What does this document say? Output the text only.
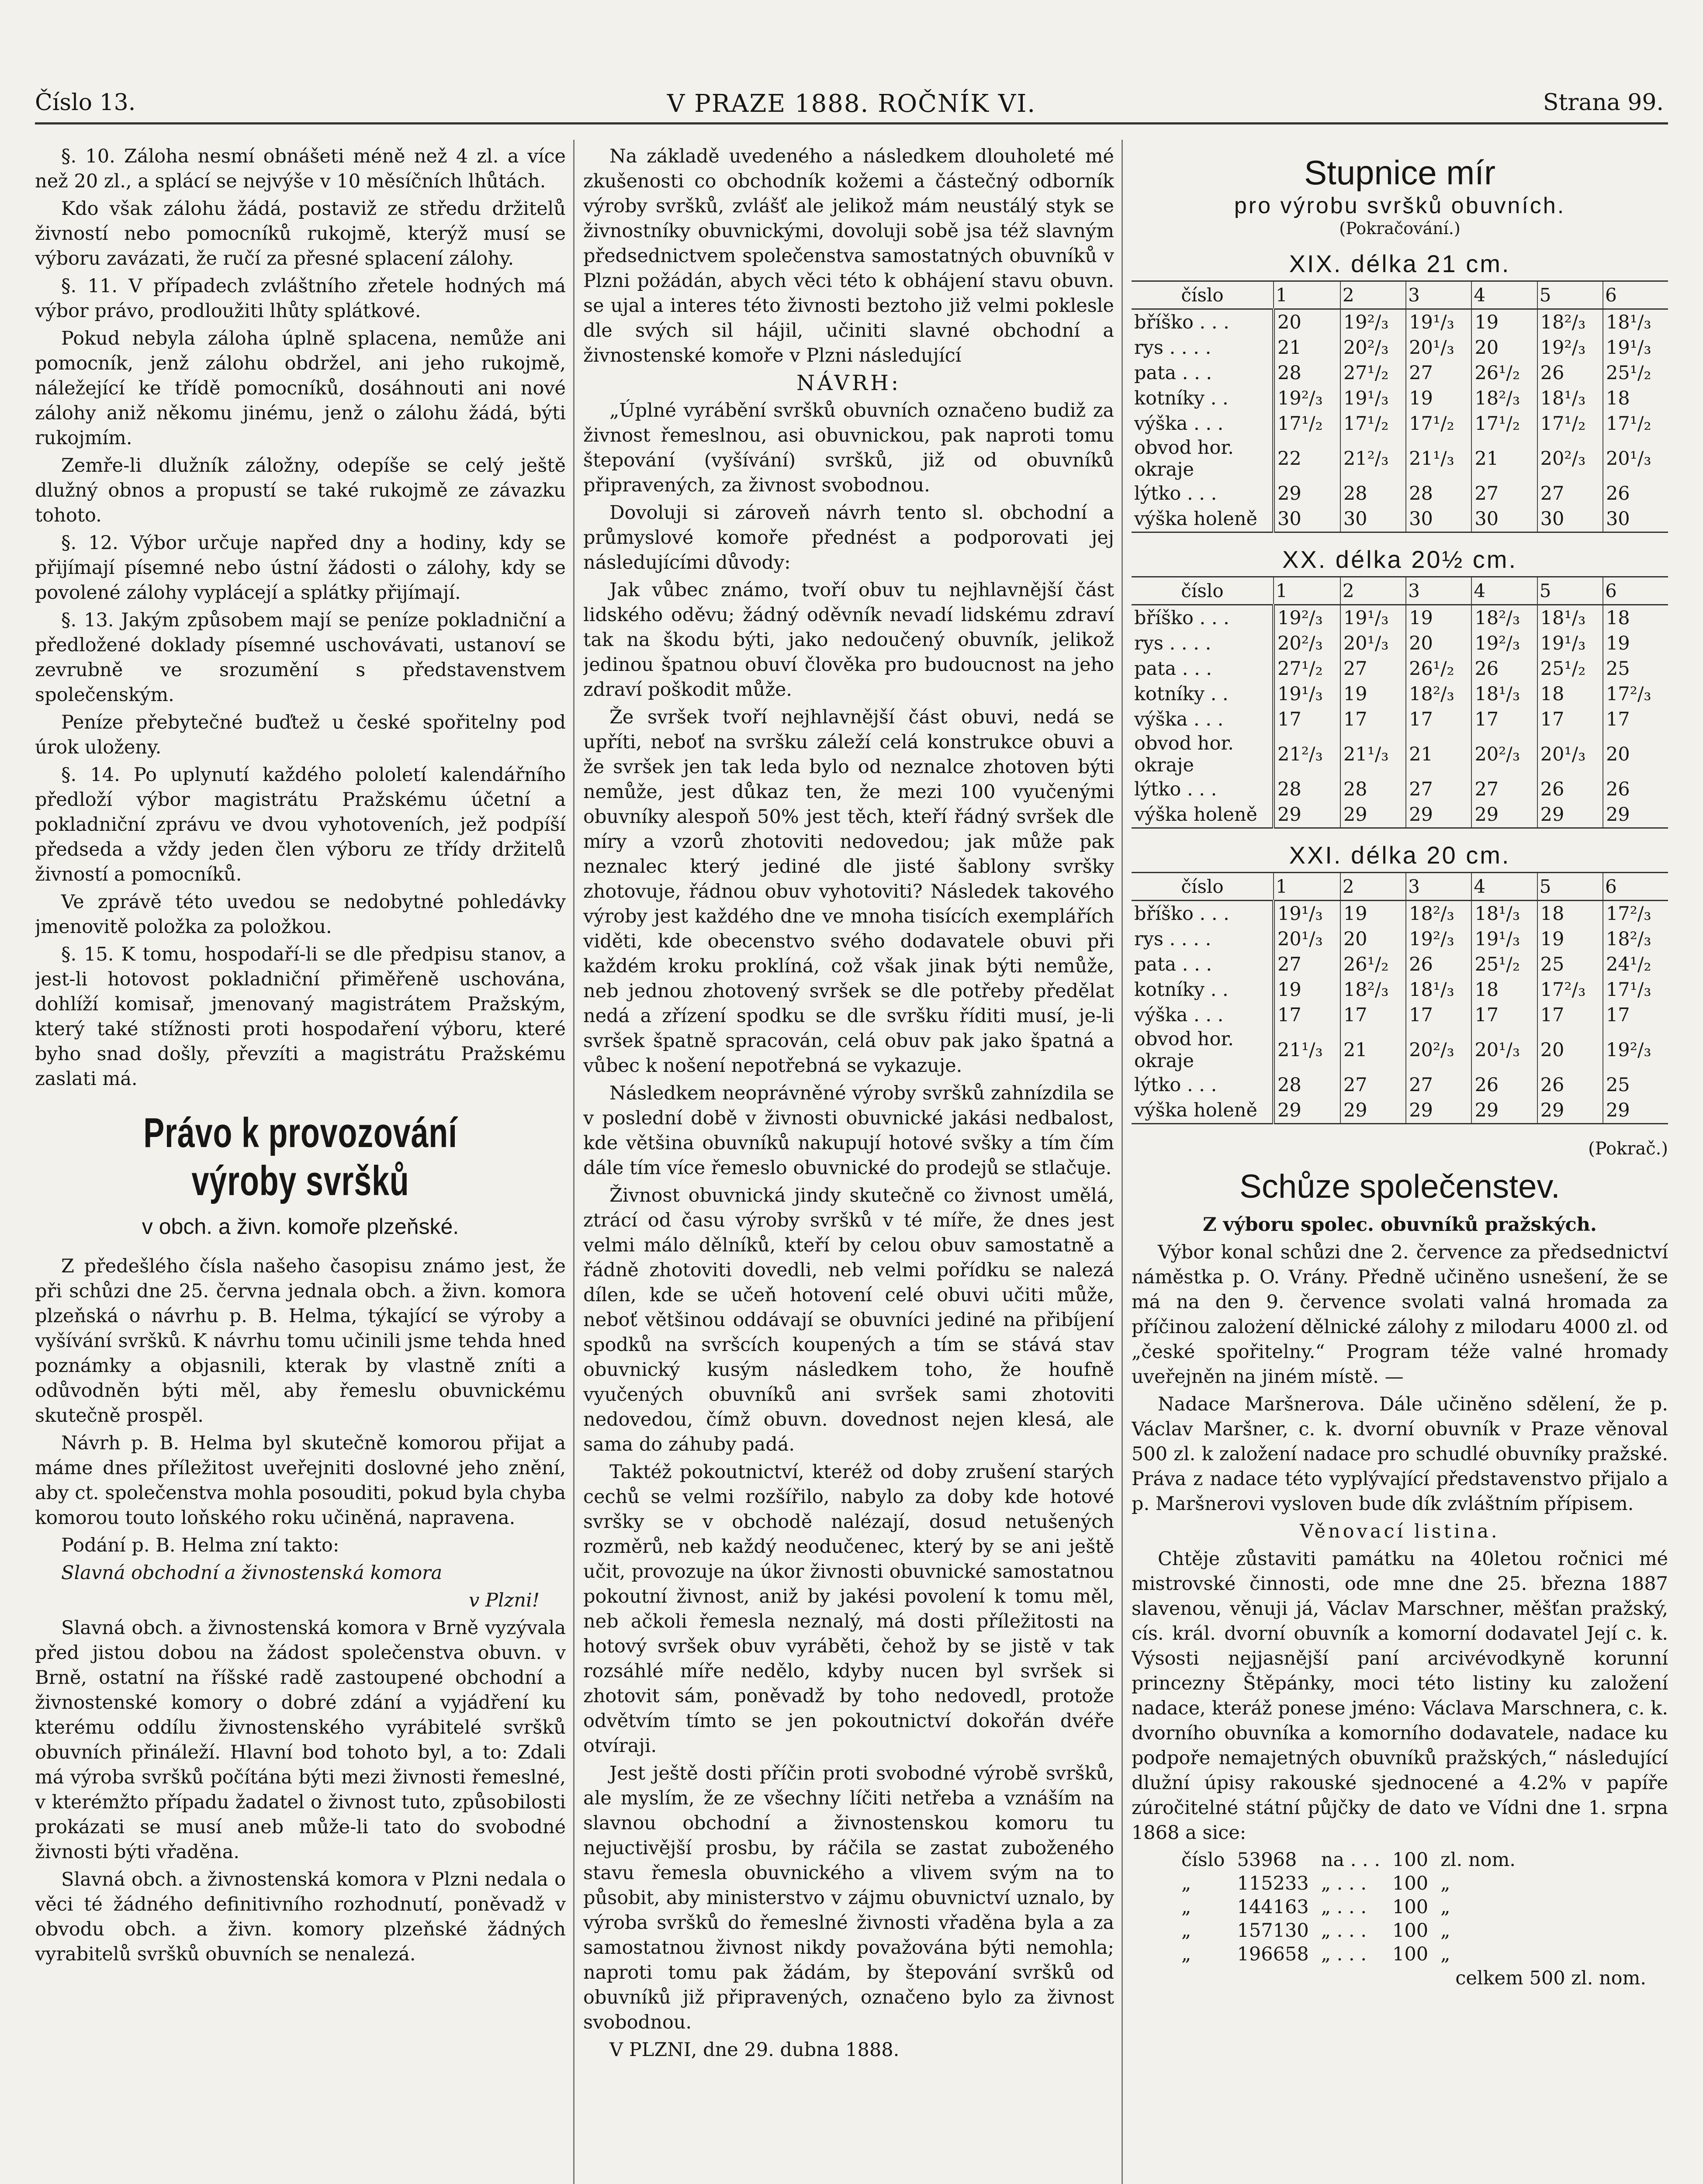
Číslo 13.	V PRAZE 1888. ROČNÍK VI.	Strana 99.

§. 10. Záloha nesmí obnášeti méně než 4 zl. a více než 20 zl., a splácí se nejvýše v 10 měsíčních lhůtách.

Kdo však zálohu žádá, postaviž ze středu držitelů živností nebo pomocníků rukojmě, kterýž musí se výboru zavázati, že ručí za přesné splacení zálohy.

§. 11. V případech zvláštního zřetele hodných má výbor právo, prodloužiti lhůty splátkové.

Pokud nebyla záloha úplně splacena, nemůže ani pomocník, jenž zálohu obdržel, ani jeho rukojmě, náležející ke třídě pomocníků, dosáhnouti ani nové zálohy aniž někomu jinému, jenž o zálohu žádá, býti rukojmím.

Zemře-li dlužník záložny, odepíše se celý ještě dlužný obnos a propustí se také rukojmě ze závazku tohoto.

§. 12. Výbor určuje napřed dny a hodiny, kdy se přijímají písemné nebo ústní žádosti o zálohy, kdy se povolené zálohy vyplácejí a splátky přijímají.

§. 13. Jakým způsobem mají se peníze pokladniční a předložené doklady písemné uschovávati, ustanoví se zevrubně ve srozumění s představenstvem společenským.

Peníze přebytečné buďtež u české spořitelny pod úrok uloženy.

§. 14. Po uplynutí každého pololetí kalendářního předloží výbor magistrátu Pražskému účetní a pokladniční zprávu ve dvou vyhotoveních, jež podpíší předseda a vždy jeden člen výboru ze třídy držitelů živností a pomocníků.

Ve zprávě této uvedou se nedobytné pohledávky jmenovitě položka za položkou.

§. 15. K tomu, hospodaří-li se dle předpisu stanov, a jest-li hotovost pokladniční přiměřeně uschována, dohlíží komisař, jmenovaný magistrátem Pražským, který také stížnosti proti hospodaření výboru, které byho snad došly, převzíti a magistrátu Pražskému zaslati má.

Právo k provozování výroby svršků
v obch. a živn. komoře plzeňské.

Z předešlého čísla našeho časopisu známo jest, že při schůzi dne 25. června jednala obch. a živn. komora plzeňská o návrhu p. B. Helma, týkající se výroby a vyšívání svršků. K návrhu tomu učinili jsme tehda hned poznámky a objasnili, kterak by vlastně zníti a odůvodněn býti měl, aby řemeslu obuvnickému skutečně prospěl.

Návrh p. B. Helma byl skutečně komorou přijat a máme dnes příležitost uveřejniti doslovné jeho znění, aby ct. společenstva mohla posouditi, pokud byla chyba komorou touto loňského roku učiněná, napravena.

Podání p. B. Helma zní takto:

Slavná obchodní a živnostenská komora

v Plzni!

Slavná obch. a živnostenská komora v Brně vyzývala před jistou dobou na žádost společenstva obuvn. v Brně, ostatní na říšské radě zastoupené obchodní a živnostenské komory o dobré zdání a vyjádření ku kterému oddílu živnostenského vyrábitelé svršků obuvních přináleží. Hlavní bod tohoto byl, a to: Zdali má výroba svršků počítána býti mezi živnosti řemeslné, v kterémžto případu žadatel o živnost tuto, způsobilosti prokázati se musí aneb může-li tato do svobodné živnosti býti vřaděna.

Slavná obch. a živnostenská komora v Plzni nedala o věci té žádného definitivního rozhodnutí, poněvadž v obvodu obch. a živn. komory plzeňské žádných vyrabitelů svršků obuvních se nenalezá.

Na základě uvedeného a následkem dlouholeté mé zkušenosti co obchodník kožemi a částečný odborník výroby svršků, zvlášť ale jelikož mám neustálý styk se živnostníky obuvnickými, dovoluji sobě jsa též slavným předsednictvem společenstva samostatných obuvníků v Plzni požádán, abych věci této k obhájení stavu obuvn. se ujal a interes této živnosti beztoho již velmi poklesle dle svých sil hájil, učiniti slavné obchodní a živnostenské komoře v Plzni následující

NÁVRH:

„Úplné vyrábění svršků obuvních označeno budiž za živnost řemeslnou, asi obuvnickou, pak naproti tomu štepování (vyšívání) svršků, již od obuvníků připravených, za živnost svobodnou.

Dovoluji si zároveň návrh tento sl. obchodní a průmyslové komoře přednést a podporovati jej následujícími důvody:

Jak vůbec známo, tvoří obuv tu nejhlavnější část lidského oděvu; žádný oděvník nevadí lidskému zdraví tak na škodu býti, jako nedoučený obuvník, jelikož jedinou špatnou obuví člověka pro budoucnost na jeho zdraví poškodit může.

Že svršek tvoří nejhlavnější část obuvi, nedá se upříti, neboť na svršku záleží celá konstrukce obuvi a že svršek jen tak leda bylo od neznalce zhotoven býti nemůže, jest důkaz ten, že mezi 100 vyučenými obuvníky alespoň 50% jest těch, kteří řádný svršek dle míry a vzorů zhotoviti nedovedou; jak může pak neznalec který jediné dle jisté šablony svršky zhotovuje, řádnou obuv vyhotoviti? Následek takového výroby jest každého dne ve mnoha tisících exemplářích viděti, kde obecenstvo svého dodavatele obuvi při každém kroku proklíná, což však jinak býti nemůže, neb jednou zhotovený svršek se dle potřeby předělat nedá a zřízení spodku se dle svršku říditi musí, je-li svršek špatně spracován, celá obuv pak jako špatná a vůbec k nošení nepotřebná se vykazuje.

Následkem neoprávněné výroby svršků zahnízdila se v poslední době v živnosti obuvnické jakási nedbalost, kde většina obuvníků nakupují hotové svšky a tím čím dále tím více řemeslo obuvnické do prodejů se stlačuje.

Živnost obuvnická jindy skutečně co živnost umělá, ztrácí od času výroby svršků v té míře, že dnes jest velmi málo dělníků, kteří by celou obuv samostatně a řádně zhotoviti dovedli, neb velmi pořídku se nalezá dílen, kde se učeň hotovení celé obuvi učiti může, neboť většinou oddávají se obuvníci jediné na přibíjení spodků na svršcích koupených a tím se stává stav obuvnický kusým následkem toho, že houfně vyučených obuvníků ani svršek sami zhotoviti nedovedou, čímž obuvn. dovednost nejen klesá, ale sama do záhuby padá.

Taktéž pokoutnictví, kteréž od doby zrušení starých cechů se velmi rozšířilo, nabylo za doby kde hotové svršky se v obchodě nalézají, dosud netušených rozměrů, neb každý neodučenec, který by se ani ještě učit, provozuje na úkor živnosti obuvnické samostatnou pokoutní živnost, aniž by jakési povolení k tomu měl, neb ačkoli řemesla neznalý, má dosti příležitosti na hotový svršek obuv vyráběti, čehož by se jistě v tak rozsáhlé míře nedělo, kdyby nucen byl svršek si zhotovit sám, poněvadž by toho nedovedl, protože odvětvím tímto se jen pokoutnictví dokořán dvéře otvíraji.

Jest ještě dosti příčin proti svobodné výrobě svršků, ale myslím, že ze všechny líčiti netřeba a vznáším na slavnou obchodní a živnostenskou komoru tu nejuctivější prosbu, by ráčila se zastat zuboženého stavu řemesla obuvnického a vlivem svým na to působit, aby ministerstvo v zájmu obuvnictví uznalo, by výroba svršků do řemeslné živnosti vřaděna byla a za samostatnou živnost nikdy považována býti nemohla; naproti tomu pak žádám, by štepování svršků od obuvníků již připravených, označeno bylo za živnost svobodnou.

V PLZNI, dne 29. dubna 1888.

Stupnice mír
pro výrobu svršků obuvních.
(Pokračování.)
XIX. délka 21 cm.
číslo	1	2	3	4	5	6
bříško . . .	20	19²/₃	19¹/₃	19	18²/₃	18¹/₃
rys . . . .	21	20²/₃	20¹/₃	20	19²/₃	19¹/₃
pata . . .	28	27¹/₂	27	26¹/₂	26	25¹/₂
kotníky . .	19²/₃	19¹/₃	19	18²/₃	18¹/₃	18
výška . . .	17¹/₂	17¹/₂	17¹/₂	17¹/₂	17¹/₂	17¹/₂
obvod hor. okraje	22	21²/₃	21¹/₃	21	20²/₃	20¹/₃
lýtko . . .	29	28	28	27	27	26
výška holeně	30	30	30	30	30	30
XX. délka 20½ cm.
číslo	1	2	3	4	5	6
bříško . . .	19²/₃	19¹/₃	19	18²/₃	18¹/₃	18
rys . . . .	20²/₃	20¹/₃	20	19²/₃	19¹/₃	19
pata . . .	27¹/₂	27	26¹/₂	26	25¹/₂	25
kotníky . .	19¹/₃	19	18²/₃	18¹/₃	18	17²/₃
výška . . .	17	17	17	17	17	17
obvod hor. okraje	21²/₃	21¹/₃	21	20²/₃	20¹/₃	20
lýtko . . .	28	28	27	27	26	26
výška holeně	29	29	29	29	29	29
XXI. délka 20 cm.
číslo	1	2	3	4	5	6
bříško . . .	19¹/₃	19	18²/₃	18¹/₃	18	17²/₃
rys . . . .	20¹/₃	20	19²/₃	19¹/₃	19	18²/₃
pata . . .	27	26¹/₂	26	25¹/₂	25	24¹/₂
kotníky . .	19	18²/₃	18¹/₃	18	17²/₃	17¹/₃
výška . . .	17	17	17	17	17	17
obvod hor. okraje	21¹/₃	21	20²/₃	20¹/₃	20	19²/₃
lýtko . . .	28	27	27	26	26	25
výška holeně	29	29	29	29	29	29

(Pokrač.)

Schůze společenstev.

Z výboru spolec. obuvníků pražských.

Výbor konal schůzi dne 2. července za předsednictví náměstka p. O. Vrány. Předně učiněno usnešení, že se má na den 9. července svolati valná hromada za příčinou zalożení dělnické zálohy z milodaru 4000 zl. od „české spořitelny.“ Program téže valné hromady uveřejněn na jiném místě. —

Nadace Maršnerova. Dále učiněno sdělení, že p. Václav Maršner, c. k. dvorní obuvník v Praze věnoval 500 zl. k založení nadace pro schudlé obuvníky pražské. Práva z nadace této vyplývající představenstvo přijalo a p. Maršnerovi vysloven bude dík zvláštním přípisem.

Věnovací listina.

Chtěje zůstaviti památku na 40letou ročnici mé mistrovské činnosti, ode mne dne 25. března 1887 slavenou, věnuji já, Václav Marschner, měšťan pražský, cís. král. dvorní obuvník a komorní dodavatel Její c. k. Výsosti nejjasnější paní arcivévodkyně korunní princezny Štěpánky, moci této listiny ku založení nadace, kteráž ponese jméno: Václava Marschnera, c. k. dvorního obuvníka a komorního dodavatele, nadace ku podpoře nemajetných obuvníků pražských,“ následující dlužní úpisy rakouské sjednocené a 4.2% v papíře zúročitelné státní půjčky de dato ve Vídni dne 1. srpna 1868 a sice:

číslo	53968	na . . .	100	zl. nom.
„	115233	„ . . .	100	„
„	144163	„ . . .	100	„
„	157130	„ . . .	100	„
„	196658	„ . . .	100	„

celkem 500 zl. nom.
